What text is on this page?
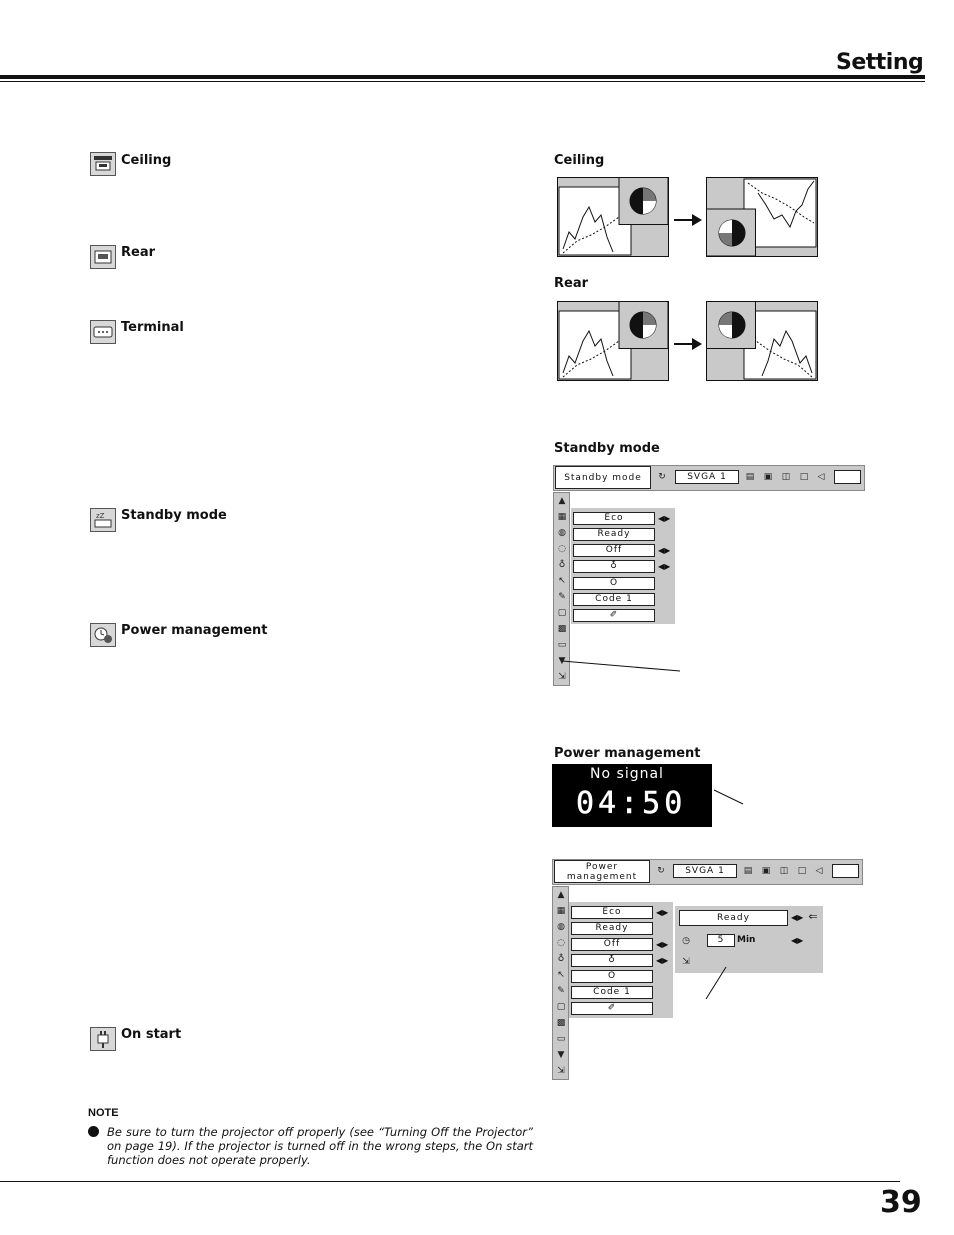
Setting
Ceiling
Rear
Terminal
zZ Standby mode
Power management
On start
Ceiling
Rear
Standby mode
Standby mode	↻	SVGA 1	▤ ▣ ◫ □ ◁
▲
▦
◍
◌
♁
↖
✎
▢
▩
▭
▼
⇲
Eco	◀▶
Ready
Off	◀▶
♁	◀▶
O
Code 1
✐
Power management
No signal
04:50
Power
management
↻	SVGA 1	▤ ▣ ◫ □ ◁
▲
▦
◍
◌
♁
↖
✎
▢
▩
▭
▼
⇲
Eco	◀▶
Ready
Off	◀▶
♁	◀▶
O
Code 1
✐
Ready	◀▶ ⇐
◷	5	Min	◀▶
⇲
NOTE
Be sure to turn the projector off properly (see “Turning Off the Projector” on page 19). If the projector is turned off in the wrong steps, the On start function does not operate properly.
39
